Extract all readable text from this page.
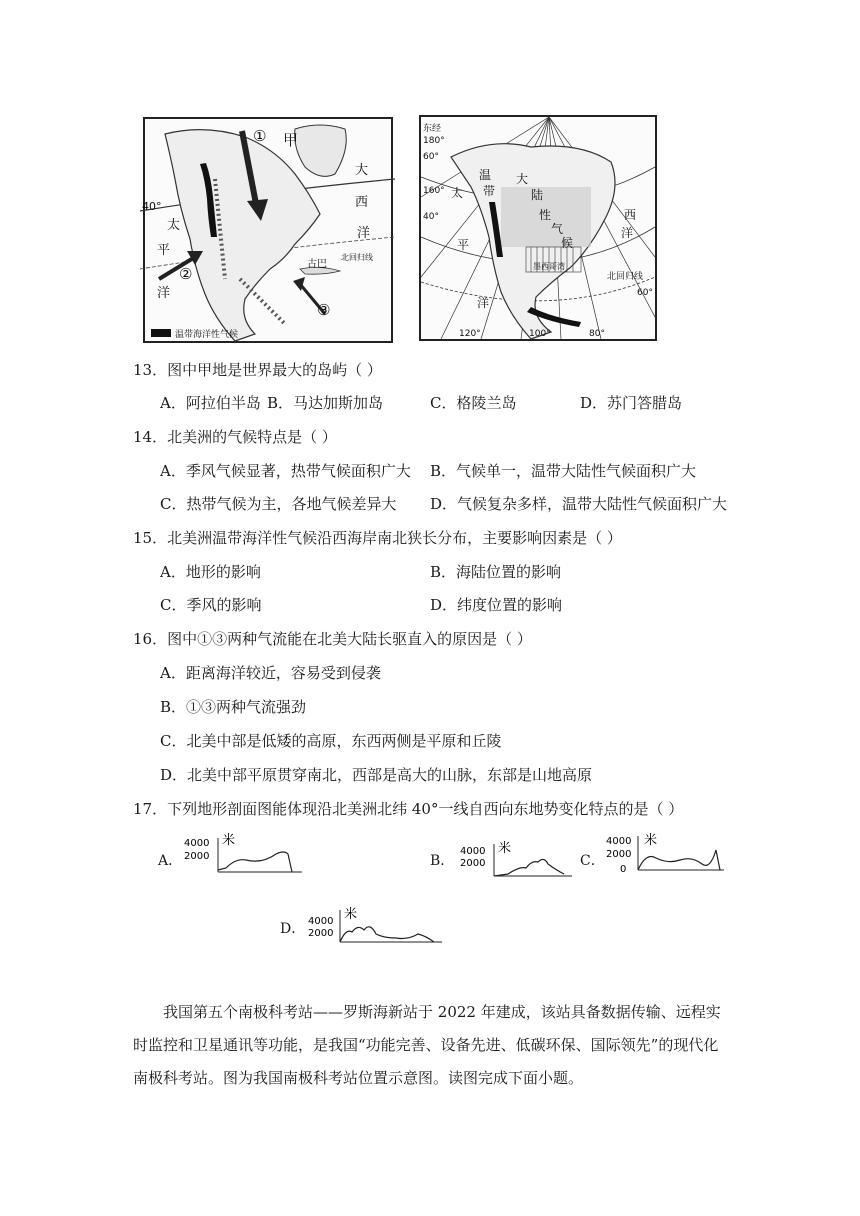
① 甲
大
西
洋
太
平
洋
40°
②
③
古巴
北回归线
温带海洋性气候
东经
180°
160°
60°
40°
温
带
大
陆
性
气
候
太
平
洋
西
洋
墨西哥湾
北回归线
120°	100°	80°
60°
13．图中甲地是世界最大的岛屿（ ）
A．阿拉伯半岛 B．马达加斯加岛	C．格陵兰岛	D．苏门答腊岛
14．北美洲的气候特点是（ ）
A．季风气候显著，热带气候面积广大 B．气候单一，温带大陆性气候面积广大
C．热带气候为主，各地气候差异大 D．气候复杂多样，温带大陆性气候面积广大
15．北美洲温带海洋性气候沿西海岸南北狭长分布，主要影响因素是（ ）
A．地形的影响	B．海陆位置的影响
C．季风的影响	D．纬度位置的影响
16．图中①③两种气流能在北美大陆长驱直入的原因是（ ）
A．距离海洋较近，容易受到侵袭
B．①③两种气流强劲
C．北美中部是低矮的高原，东西两侧是平原和丘陵
D．北美中部平原贯穿南北，西部是高大的山脉，东部是山地高原
17．下列地形剖面图能体现沿北美洲北纬 40°一线自西向东地势变化特点的是（ ）
A．
4000
2000
米
B．
4000
2000
米
C．
4000
2000
0
米
D． 4000
2000
米
我国第五个南极科考站——罗斯海新站于 2022 年建成，该站具备数据传输、远程实时监控和卫星通讯等功能，是我国“功能完善、设备先进、低碳环保、国际领先”的现代化南极科考站。图为我国南极科考站位置示意图。读图完成下面小题。
